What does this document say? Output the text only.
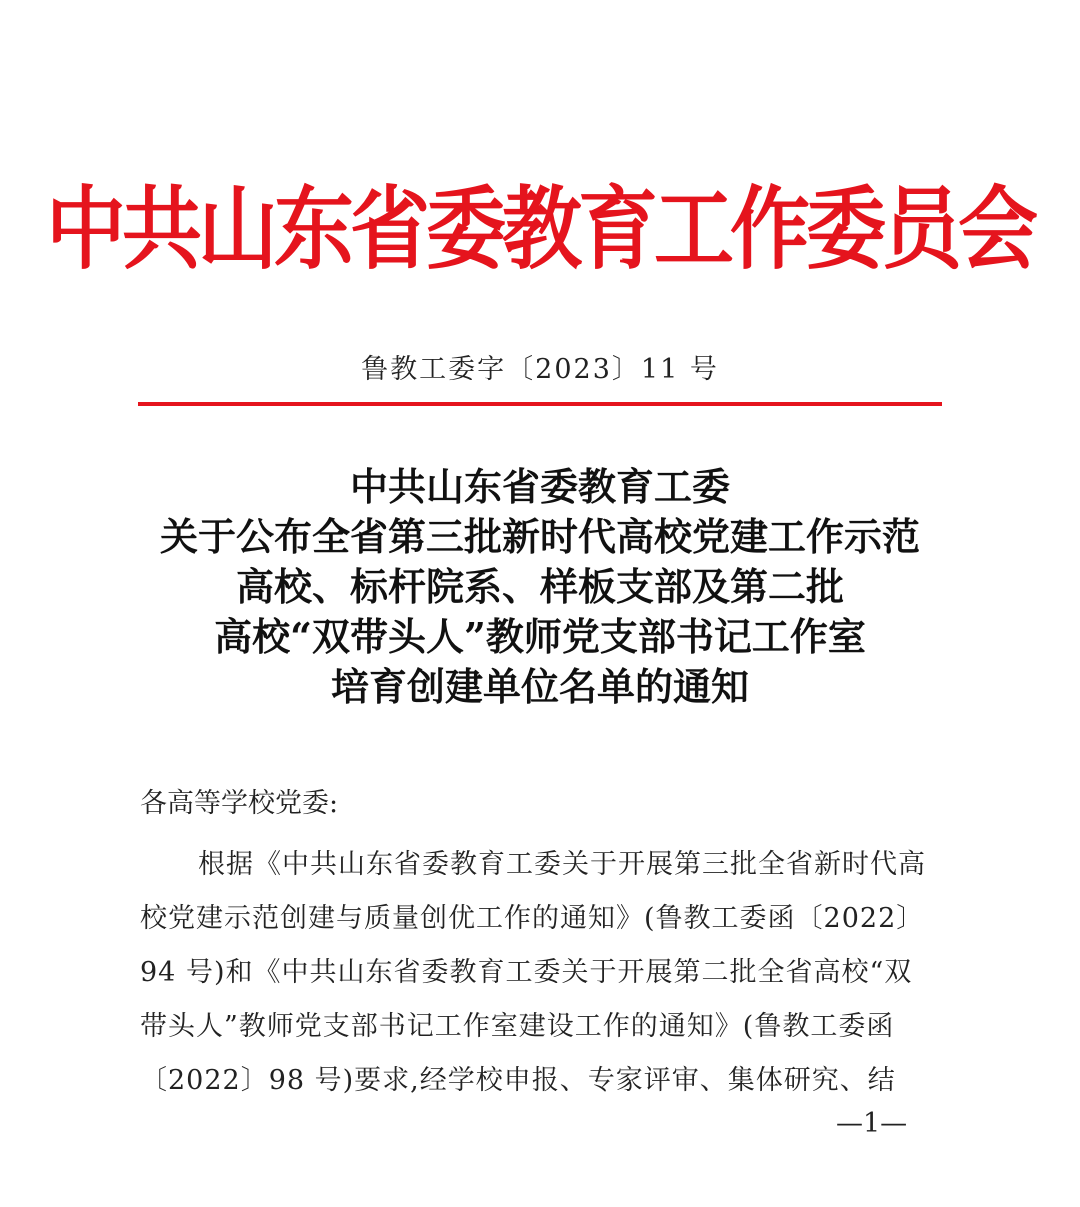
中共山东省委教育工作委员会
鲁教工委字〔2023〕11 号
中共山东省委教育工委
关于公布全省第三批新时代高校党建工作示范
高校、标杆院系、样板支部及第二批
高校“双带头人”教师党支部书记工作室
培育创建单位名单的通知
各高等学校党委:
根据《中共山东省委教育工委关于开展第三批全省新时代高
校党建示范创建与质量创优工作的通知》(鲁教工委函〔2022〕
94 号)和《中共山东省委教育工委关于开展第二批全省高校“双
带头人”教师党支部书记工作室建设工作的通知》(鲁教工委函
〔2022〕98 号)要求,经学校申报、专家评审、集体研究、结
—1—
